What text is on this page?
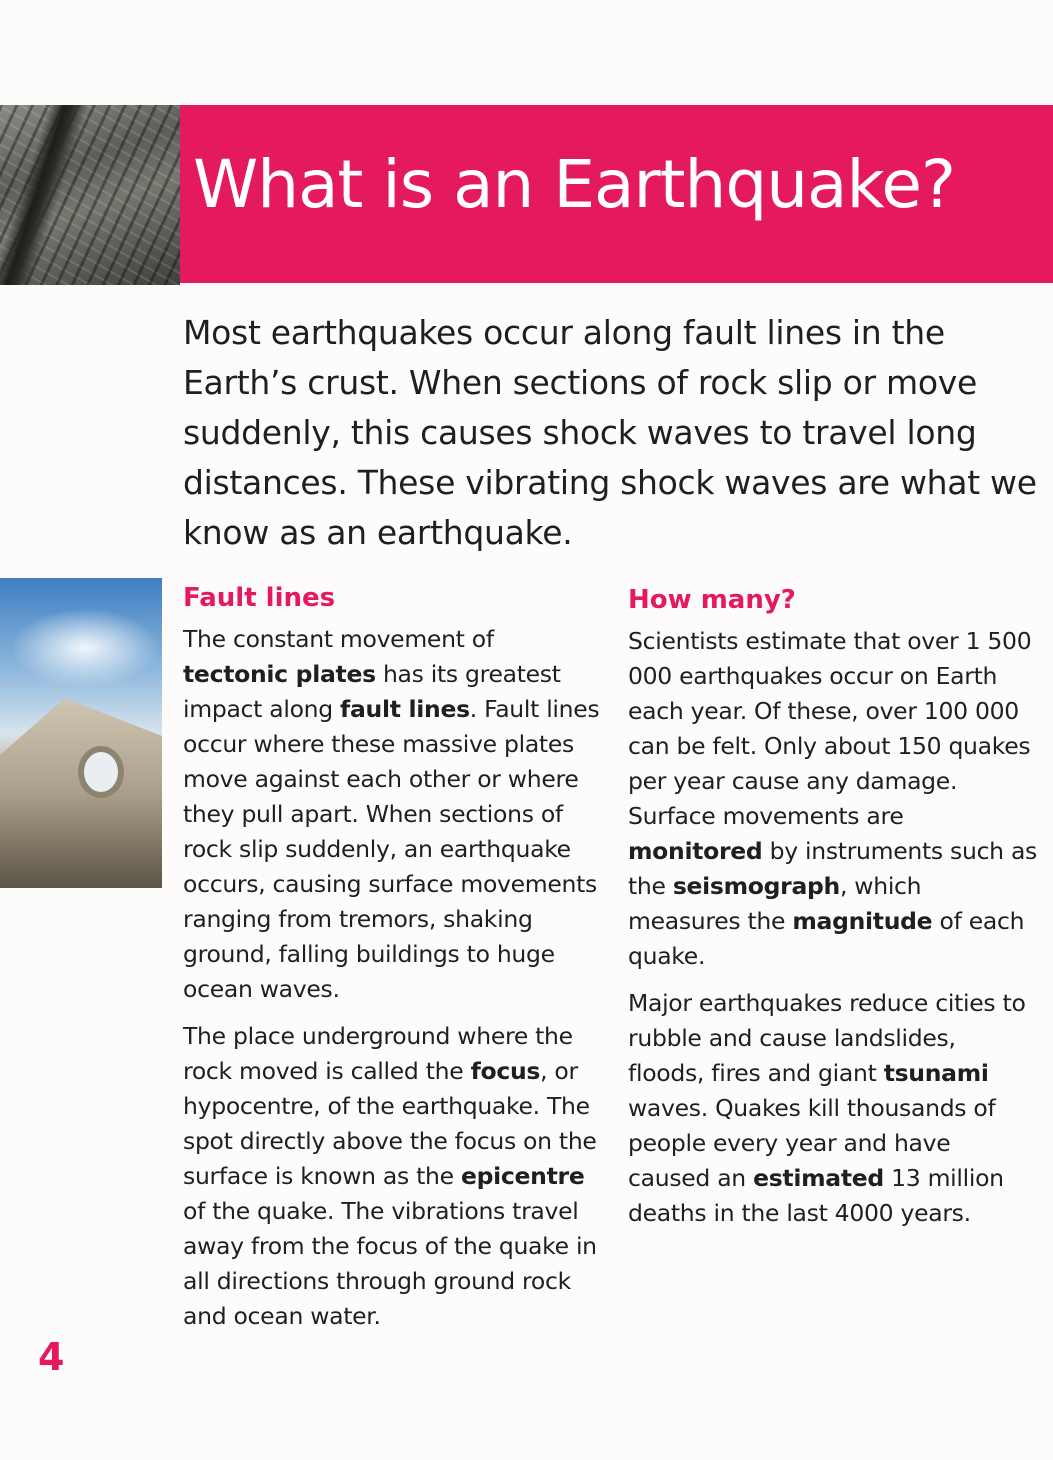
What is an Earthquake?

Most earthquakes occur along fault lines in the Earth’s crust. When sections of rock slip or move suddenly, this causes shock waves to travel long distances. These vibrating shock waves are what we know as an earthquake.

Fault lines

The constant movement of tectonic plates has its greatest impact along fault lines. Fault lines occur where these massive plates move against each other or where they pull apart. When sections of rock slip suddenly, an earthquake occurs, causing surface movements ranging from tremors, shaking ground, falling buildings to huge ocean waves.

The place underground where the rock moved is called the focus, or hypocentre, of the earthquake. The spot directly above the focus on the surface is known as the epicentre of the quake. The vibrations travel away from the focus of the quake in all directions through ground rock and ocean water.

How many?

Scientists estimate that over 1 500 000 earthquakes occur on Earth each year. Of these, over 100 000 can be felt. Only about 150 quakes per year cause any damage. Surface movements are monitored by instruments such as the seismograph, which measures the magnitude of each quake.

Major earthquakes reduce cities to rubble and cause landslides, floods, fires and giant tsunami waves. Quakes kill thousands of people every year and have caused an estimated 13 million deaths in the last 4000 years.

4
